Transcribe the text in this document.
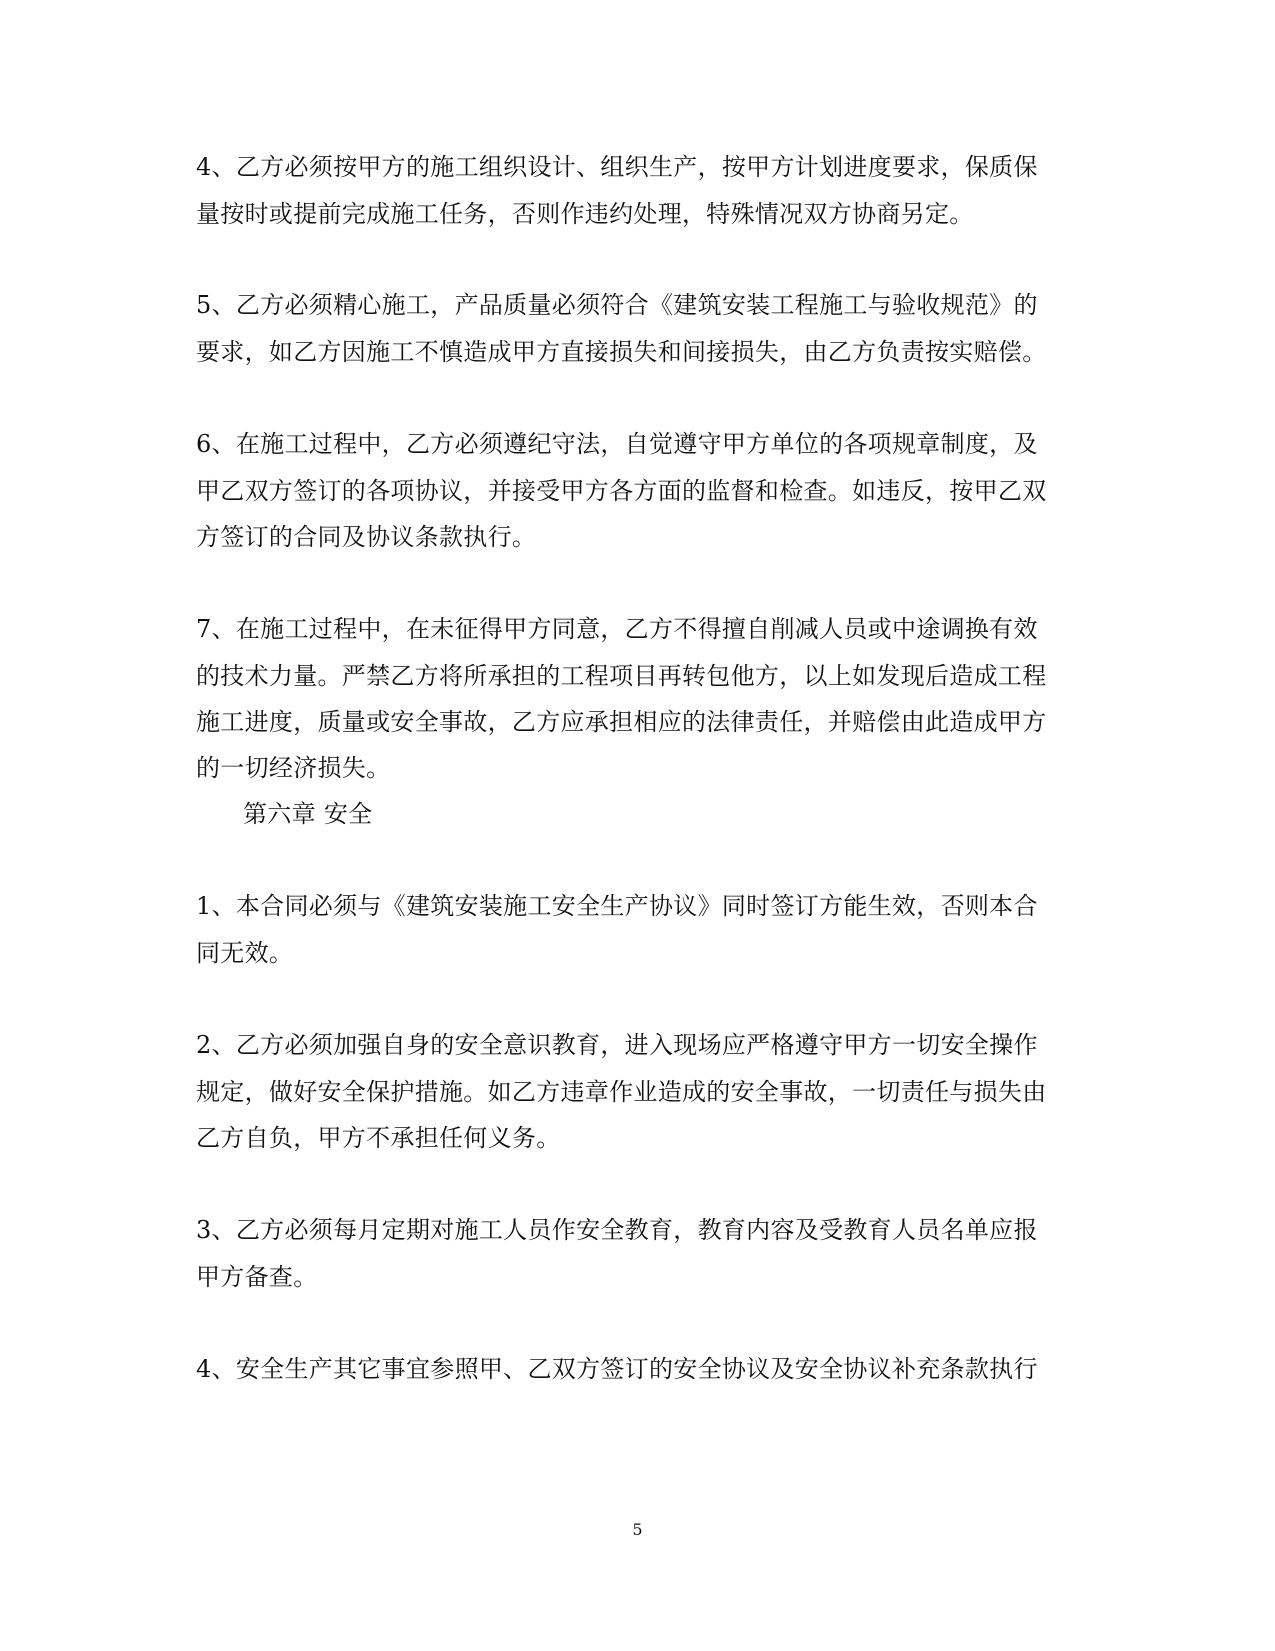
4、乙方必须按甲方的施工组织设计、组织生产，按甲方计划进度要求，保质保
量按时或提前完成施工任务，否则作违约处理，特殊情况双方协商另定。
5、乙方必须精心施工，产品质量必须符合《建筑安装工程施工与验收规范》的
要求，如乙方因施工不慎造成甲方直接损失和间接损失，由乙方负责按实赔偿。
6、在施工过程中，乙方必须遵纪守法，自觉遵守甲方单位的各项规章制度，及
甲乙双方签订的各项协议，并接受甲方各方面的监督和检查。如违反，按甲乙双
方签订的合同及协议条款执行。
7、在施工过程中，在未征得甲方同意，乙方不得擅自削减人员或中途调换有效
的技术力量。严禁乙方将所承担的工程项目再转包他方，以上如发现后造成工程
施工进度，质量或安全事故，乙方应承担相应的法律责任，并赔偿由此造成甲方
的一切经济损失。
第六章 安全
1、本合同必须与《建筑安装施工安全生产协议》同时签订方能生效，否则本合
同无效。
2、乙方必须加强自身的安全意识教育，进入现场应严格遵守甲方一切安全操作
规定，做好安全保护措施。如乙方违章作业造成的安全事故，一切责任与损失由
乙方自负，甲方不承担任何义务。
3、乙方必须每月定期对施工人员作安全教育，教育内容及受教育人员名单应报
甲方备查。
4、安全生产其它事宜参照甲、乙双方签订的安全协议及安全协议补充条款执行
5
